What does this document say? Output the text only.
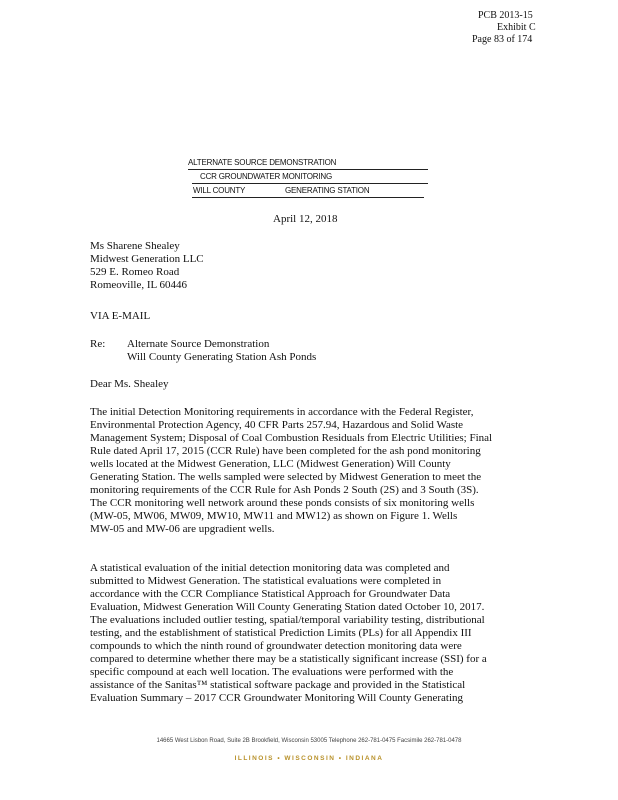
PCB 2013-15
Exhibit C
Page 83 of 174
ALTERNATE SOURCE DEMONSTRATION
CCR GROUNDWATER MONITORING
WILL COUNTY	GENERATING STATION
April 12, 2018
Ms Sharene Shealey
Midwest Generation LLC
529 E. Romeo Road
Romeoville, IL 60446
VIA E-MAIL
Re: Alternate Source Demonstration
Will County Generating Station Ash Ponds
Dear Ms. Shealey
The initial Detection Monitoring requirements in accordance with the Federal Register,
Environmental Protection Agency, 40 CFR Parts 257.94, Hazardous and Solid Waste
Management System; Disposal of Coal Combustion Residuals from Electric Utilities; Final
Rule dated April 17, 2015 (CCR Rule) have been completed for the ash pond monitoring
wells located at the Midwest Generation, LLC (Midwest Generation) Will County
Generating Station. The wells sampled were selected by Midwest Generation to meet the
monitoring requirements of the CCR Rule for Ash Ponds 2 South (2S) and 3 South (3S).
The CCR monitoring well network around these ponds consists of six monitoring wells
(MW-05, MW06, MW09, MW10, MW11 and MW12) as shown on Figure 1. Wells
MW-05 and MW-06 are upgradient wells.
A statistical evaluation of the initial detection monitoring data was completed and
submitted to Midwest Generation. The statistical evaluations were completed in
accordance with the CCR Compliance Statistical Approach for Groundwater Data
Evaluation, Midwest Generation Will County Generating Station dated October 10, 2017.
The evaluations included outlier testing, spatial/temporal variability testing, distributional
testing, and the establishment of statistical Prediction Limits (PLs) for all Appendix III
compounds to which the ninth round of groundwater detection monitoring data were
compared to determine whether there may be a statistically significant increase (SSI) for a
specific compound at each well location. The evaluations were performed with the
assistance of the Sanitas™ statistical software package and provided in the Statistical
Evaluation Summary – 2017 CCR Groundwater Monitoring Will County Generating
14665 West Lisbon Road, Suite 2B Brookfield, Wisconsin 53005 Telephone 262-781-0475 Facsimile 262-781-0478
ILLINOIS • WISCONSIN • INDIANA
